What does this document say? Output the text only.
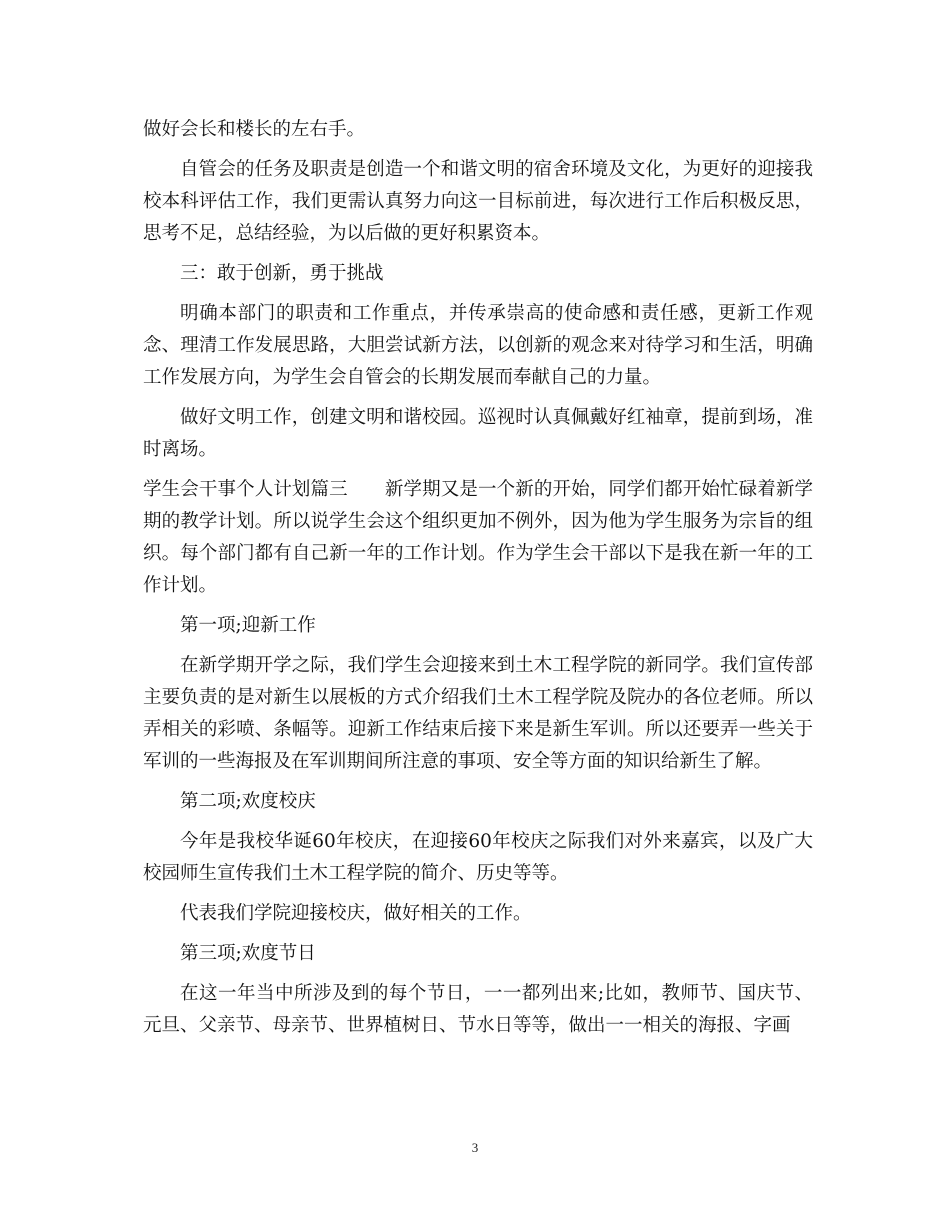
做好会长和楼长的左右手。

自管会的任务及职责是创造一个和谐文明的宿舍环境及文化，为更好的迎接我校本科评估工作，我们更需认真努力向这一目标前进，每次进行工作后积极反思，思考不足，总结经验，为以后做的更好积累资本。

三：敢于创新，勇于挑战

明确本部门的职责和工作重点，并传承崇高的使命感和责任感，更新工作观念、理清工作发展思路，大胆尝试新方法，以创新的观念来对待学习和生活，明确工作发展方向，为学生会自管会的长期发展而奉献自己的力量。

做好文明工作，创建文明和谐校园。巡视时认真佩戴好红袖章，提前到场，准时离场。

学生会干事个人计划篇三 新学期又是一个新的开始，同学们都开始忙碌着新学期的教学计划。所以说学生会这个组织更加不例外，因为他为学生服务为宗旨的组织。每个部门都有自己新一年的工作计划。作为学生会干部以下是我在新一年的工作计划。

第一项;迎新工作

在新学期开学之际，我们学生会迎接来到土木工程学院的新同学。我们宣传部主要负责的是对新生以展板的方式介绍我们土木工程学院及院办的各位老师。所以弄相关的彩喷、条幅等。迎新工作结束后接下来是新生军训。所以还要弄一些关于军训的一些海报及在军训期间所注意的事项、安全等方面的知识给新生了解。

第二项;欢度校庆

今年是我校华诞60年校庆，在迎接60年校庆之际我们对外来嘉宾，以及广大校园师生宣传我们土木工程学院的简介、历史等等。

代表我们学院迎接校庆，做好相关的工作。

第三项;欢度节日

在这一年当中所涉及到的每个节日，一一都列出来;比如，教师节、国庆节、元旦、父亲节、母亲节、世界植树日、节水日等等，做出一一相关的海报、字画

3
